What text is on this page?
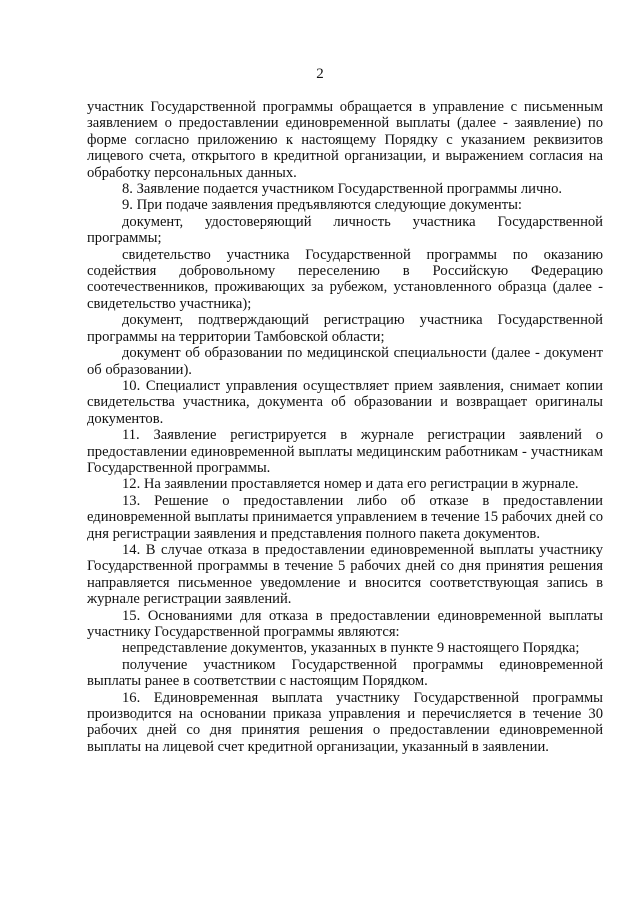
2

участник Государственной программы обращается в управление с письменным заявлением о предоставлении единовременной выплаты (далее - заявление) по форме согласно приложению к настоящему Порядку с указанием реквизитов лицевого счета, открытого в кредитной организации, и выражением согласия на обработку персональных данных.

8. Заявление подается участником Государственной программы лично.

9. При подаче заявления предъявляются следующие документы:

документ, удостоверяющий личность участника Государственной программы;

свидетельство участника Государственной программы по оказанию содействия добровольному переселению в Российскую Федерацию соотечественников, проживающих за рубежом, установленного образца (далее - свидетельство участника);

документ, подтверждающий регистрацию участника Государственной программы на территории Тамбовской области;

документ об образовании по медицинской специальности (далее - документ об образовании).

10. Специалист управления осуществляет прием заявления, снимает копии свидетельства участника, документа об образовании и возвращает оригиналы документов.

11. Заявление регистрируется в журнале регистрации заявлений о предоставлении единовременной выплаты медицинским работникам - участникам Государственной программы.

12. На заявлении проставляется номер и дата его регистрации в журнале.

13. Решение о предоставлении либо об отказе в предоставлении единовременной выплаты принимается управлением в течение 15 рабочих дней со дня регистрации заявления и представления полного пакета документов.

14. В случае отказа в предоставлении единовременной выплаты участнику Государственной программы в течение 5 рабочих дней со дня принятия решения направляется письменное уведомление и вносится соответствующая запись в журнале регистрации заявлений.

15. Основаниями для отказа в предоставлении единовременной выплаты участнику Государственной программы являются:

непредставление документов, указанных в пункте 9 настоящего Порядка;

получение участником Государственной программы единовременной выплаты ранее в соответствии с настоящим Порядком.

16. Единовременная выплата участнику Государственной программы производится на основании приказа управления и перечисляется в течение 30 рабочих дней со дня принятия решения о предоставлении единовременной выплаты на лицевой счет кредитной организации, указанный в заявлении.
